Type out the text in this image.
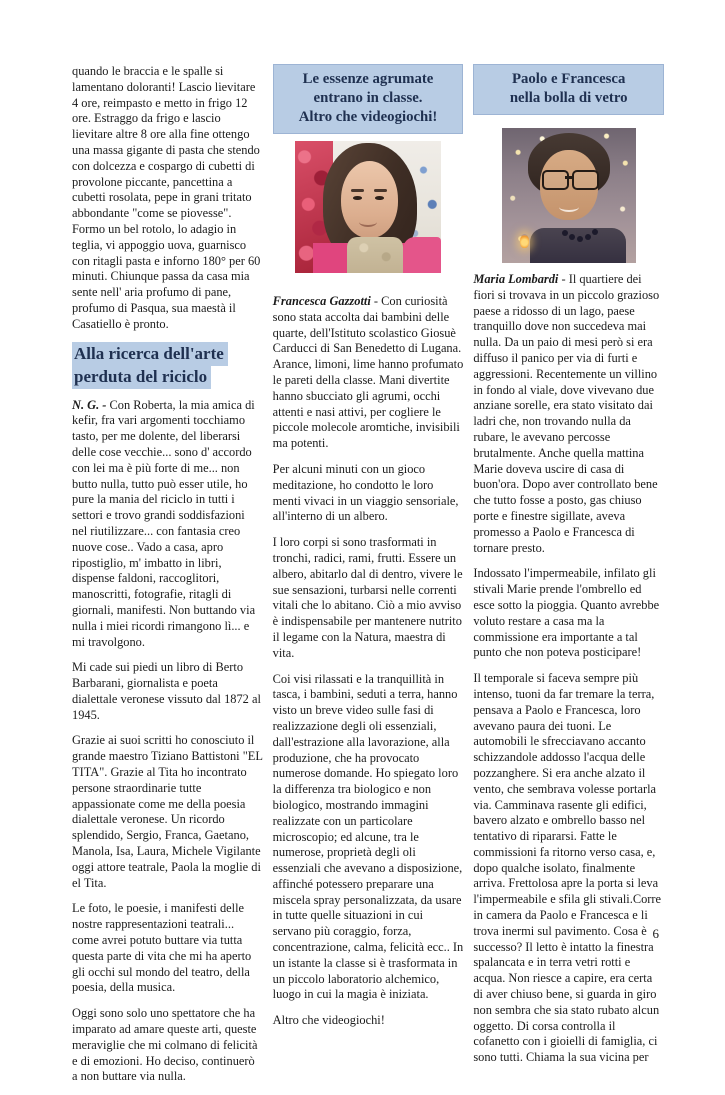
quando le braccia e le spalle si lamentano doloranti! Lascio lievitare 4 ore, reimpasto e metto in frigo 12 ore. Estraggo da frigo e lascio lievitare altre 8 ore alla fine ottengo una massa gigante di pasta che stendo con dolcezza e cospargo di cubetti di provolone piccante, pancettina a cubetti rosolata, pepe in grani tritato abbondante "come se piovesse". Formo un bel rotolo, lo adagio in teglia, vi appoggio uova, guarnisco con ritagli pasta e inforno 180° per 60 minuti. Chiunque passa da casa mia sente nell' aria profumo di pane, profumo di Pasqua, sua maestà il Casatiello è pronto.

Alla ricerca dell'arte
perduta del riciclo

N. G. - Con Roberta, la mia amica di kefir, fra vari argomenti tocchiamo tasto, per me dolente, del liberarsi delle cose vecchie... sono d' accordo con lei ma è più forte di me... non butto nulla, tutto può esser utile, ho pure la mania del riciclo in tutti i settori e trovo grandi soddisfazioni nel riutilizzare... con fantasia creo nuove cose.. Vado a casa, apro ripostiglio, m' imbatto in libri, dispense faldoni, raccoglitori, manoscritti, fotografie, ritagli di giornali, manifesti. Non buttando via nulla i miei ricordi rimangono lì... e mi travolgono.

Mi cade sui piedi un libro di Berto Barbarani, giornalista e poeta dialettale veronese vissuto dal 1872 al 1945.

Grazie ai suoi scritti ho conosciuto il grande maestro Tiziano Battistoni "EL TITA". Grazie al Tita ho incontrato persone straordinarie tutte appassionate come me della poesia dialettale veronese. Un ricordo splendido, Sergio, Franca, Gaetano, Manola, Isa, Laura, Michele Vigilante oggi attore teatrale, Paola la moglie di el Tita.

Le foto, le poesie, i manifesti delle nostre rappresentazioni teatrali... come avrei potuto buttare via tutta questa parte di vita che mi ha aperto gli occhi sul mondo del teatro, della poesia, della musica.

Oggi sono solo uno spettatore che ha imparato ad amare queste arti, queste meraviglie che mi colmano di felicità e di emozioni. Ho deciso, continuerò a non buttare via nulla.

Le essenze agrumate
entrano in classe.
Altro che videogiochi!

Francesca Gazzotti - Con curiosità sono stata accolta dai bambini delle quarte, dell'Istituto scolastico Giosuè Carducci di San Benedetto di Lugana. Arance, limoni, lime hanno profumato le pareti della classe. Mani divertite hanno sbucciato gli agrumi, occhi attenti e nasi attivi, per cogliere le piccole molecole aromtiche, invisibili ma potenti.

Per alcuni minuti con un gioco meditazione, ho condotto le loro menti vivaci in un viaggio sensoriale, all'interno di un albero.

I loro corpi si sono trasformati in tronchi, radici, rami, frutti. Essere un albero, abitarlo dal di dentro, vivere le sue sensazioni, turbarsi nelle correnti vitali che lo abitano. Ciò a mio avviso è indispensabile per mantenere nutrito il legame con la Natura, maestra di vita.

Coi visi rilassati e la tranquillità in tasca, i bambini, seduti a terra, hanno visto un breve video sulle fasi di realizzazione degli oli essenziali, dall'estrazione alla lavorazione, alla produzione, che ha provocato numerose domande. Ho spiegato loro la differenza tra biologico e non biologico, mostrando immagini realizzate con un particolare microscopio; ed alcune, tra le numerose, proprietà degli oli essenziali che avevano a disposizione, affinché potessero preparare una miscela spray personalizzata, da usare in tutte quelle situazioni in cui servano più coraggio, forza, concentrazione, calma, felicità ecc.. In un istante la classe si è trasformata in un piccolo laboratorio alchemico, luogo in cui la magia è iniziata.

Altro che videogiochi!

Paolo e Francesca
nella bolla di vetro

Maria Lombardi - Il quartiere dei fiori si trovava in un piccolo grazioso paese a ridosso di un lago, paese tranquillo dove non succedeva mai nulla. Da un paio di mesi però si era diffuso il panico per via di furti e aggressioni. Recentemente un villino in fondo al viale, dove vivevano due anziane sorelle, era stato visitato dai ladri che, non trovando nulla da rubare, le avevano percosse brutalmente. Anche quella mattina Marie doveva uscire di casa di buon'ora. Dopo aver controllato bene che tutto fosse a posto, gas chiuso porte e finestre sigillate, aveva promesso a Paolo e Francesca di tornare presto.

Indossato l'impermeabile, infilato gli stivali Marie prende l'ombrello ed esce sotto la pioggia. Quanto avrebbe voluto restare a casa ma la commissione era importante a tal punto che non poteva posticipare!

Il temporale si faceva sempre più intenso, tuoni da far tremare la terra, pensava a Paolo e Francesca, loro avevano paura dei tuoni. Le automobili le sfrecciavano accanto schizzandole addosso l'acqua delle pozzanghere. Si era anche alzato il vento, che sembrava volesse portarla via. Camminava rasente gli edifici, bavero alzato e ombrello basso nel tentativo di ripararsi. Fatte le commissioni fa ritorno verso casa, e, dopo qualche isolato, finalmente arriva. Frettolosa apre la porta si leva l'impermeabile e sfila gli stivali.Corre in camera da Paolo e Francesca e li trova inermi sul pavimento. Cosa è successo? Il letto è intatto la finestra spalancata e in terra vetri rotti e acqua. Non riesce a capire, era certa di aver chiuso bene, si guarda in giro non sembra che sia stato rubato alcun oggetto. Di corsa controlla il cofanetto con i gioielli di famiglia, ci sono tutti. Chiama la sua vicina per

6
